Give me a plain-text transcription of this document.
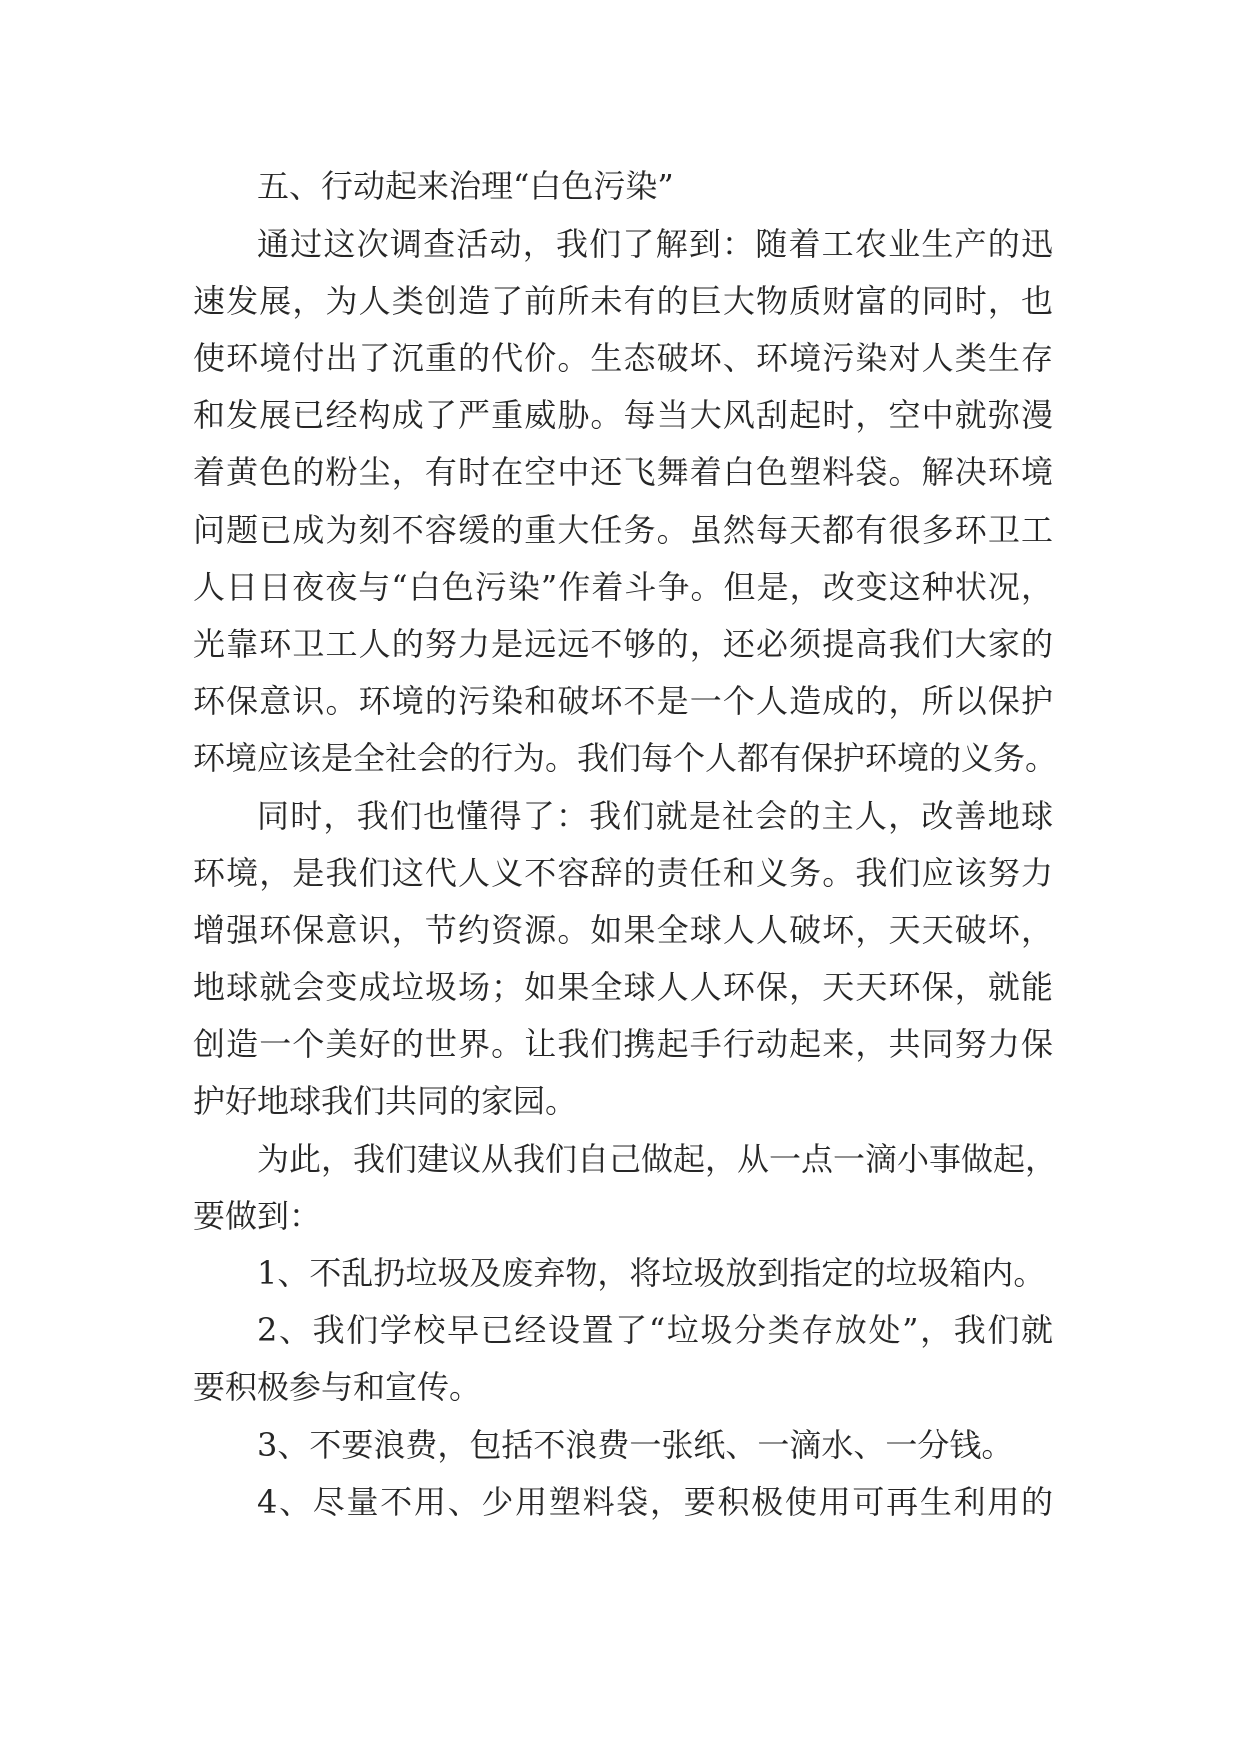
五、行动起来治理“白色污染”
通过这次调查活动，我们了解到：随着工农业生产的迅
速发展，为人类创造了前所未有的巨大物质财富的同时，也
使环境付出了沉重的代价。生态破坏、环境污染对人类生存
和发展已经构成了严重威胁。每当大风刮起时，空中就弥漫
着黄色的粉尘，有时在空中还飞舞着白色塑料袋。解决环境
问题已成为刻不容缓的重大任务。虽然每天都有很多环卫工
人日日夜夜与“白色污染”作着斗争。但是，改变这种状况，
光靠环卫工人的努力是远远不够的，还必须提高我们大家的
环保意识。环境的污染和破坏不是一个人造成的，所以保护
环境应该是全社会的行为。我们每个人都有保护环境的义务。
同时，我们也懂得了：我们就是社会的主人，改善地球
环境，是我们这代人义不容辞的责任和义务。我们应该努力
增强环保意识，节约资源。如果全球人人破坏，天天破坏，
地球就会变成垃圾场；如果全球人人环保，天天环保，就能
创造一个美好的世界。让我们携起手行动起来，共同努力保
护好地球我们共同的家园。
为此，我们建议从我们自己做起，从一点一滴小事做起，
要做到：
1、不乱扔垃圾及废弃物，将垃圾放到指定的垃圾箱内。
2、我们学校早已经设置了“垃圾分类存放处”，我们就
要积极参与和宣传。
3、不要浪费，包括不浪费一张纸、一滴水、一分钱。
4、尽量不用、少用塑料袋，要积极使用可再生利用的
